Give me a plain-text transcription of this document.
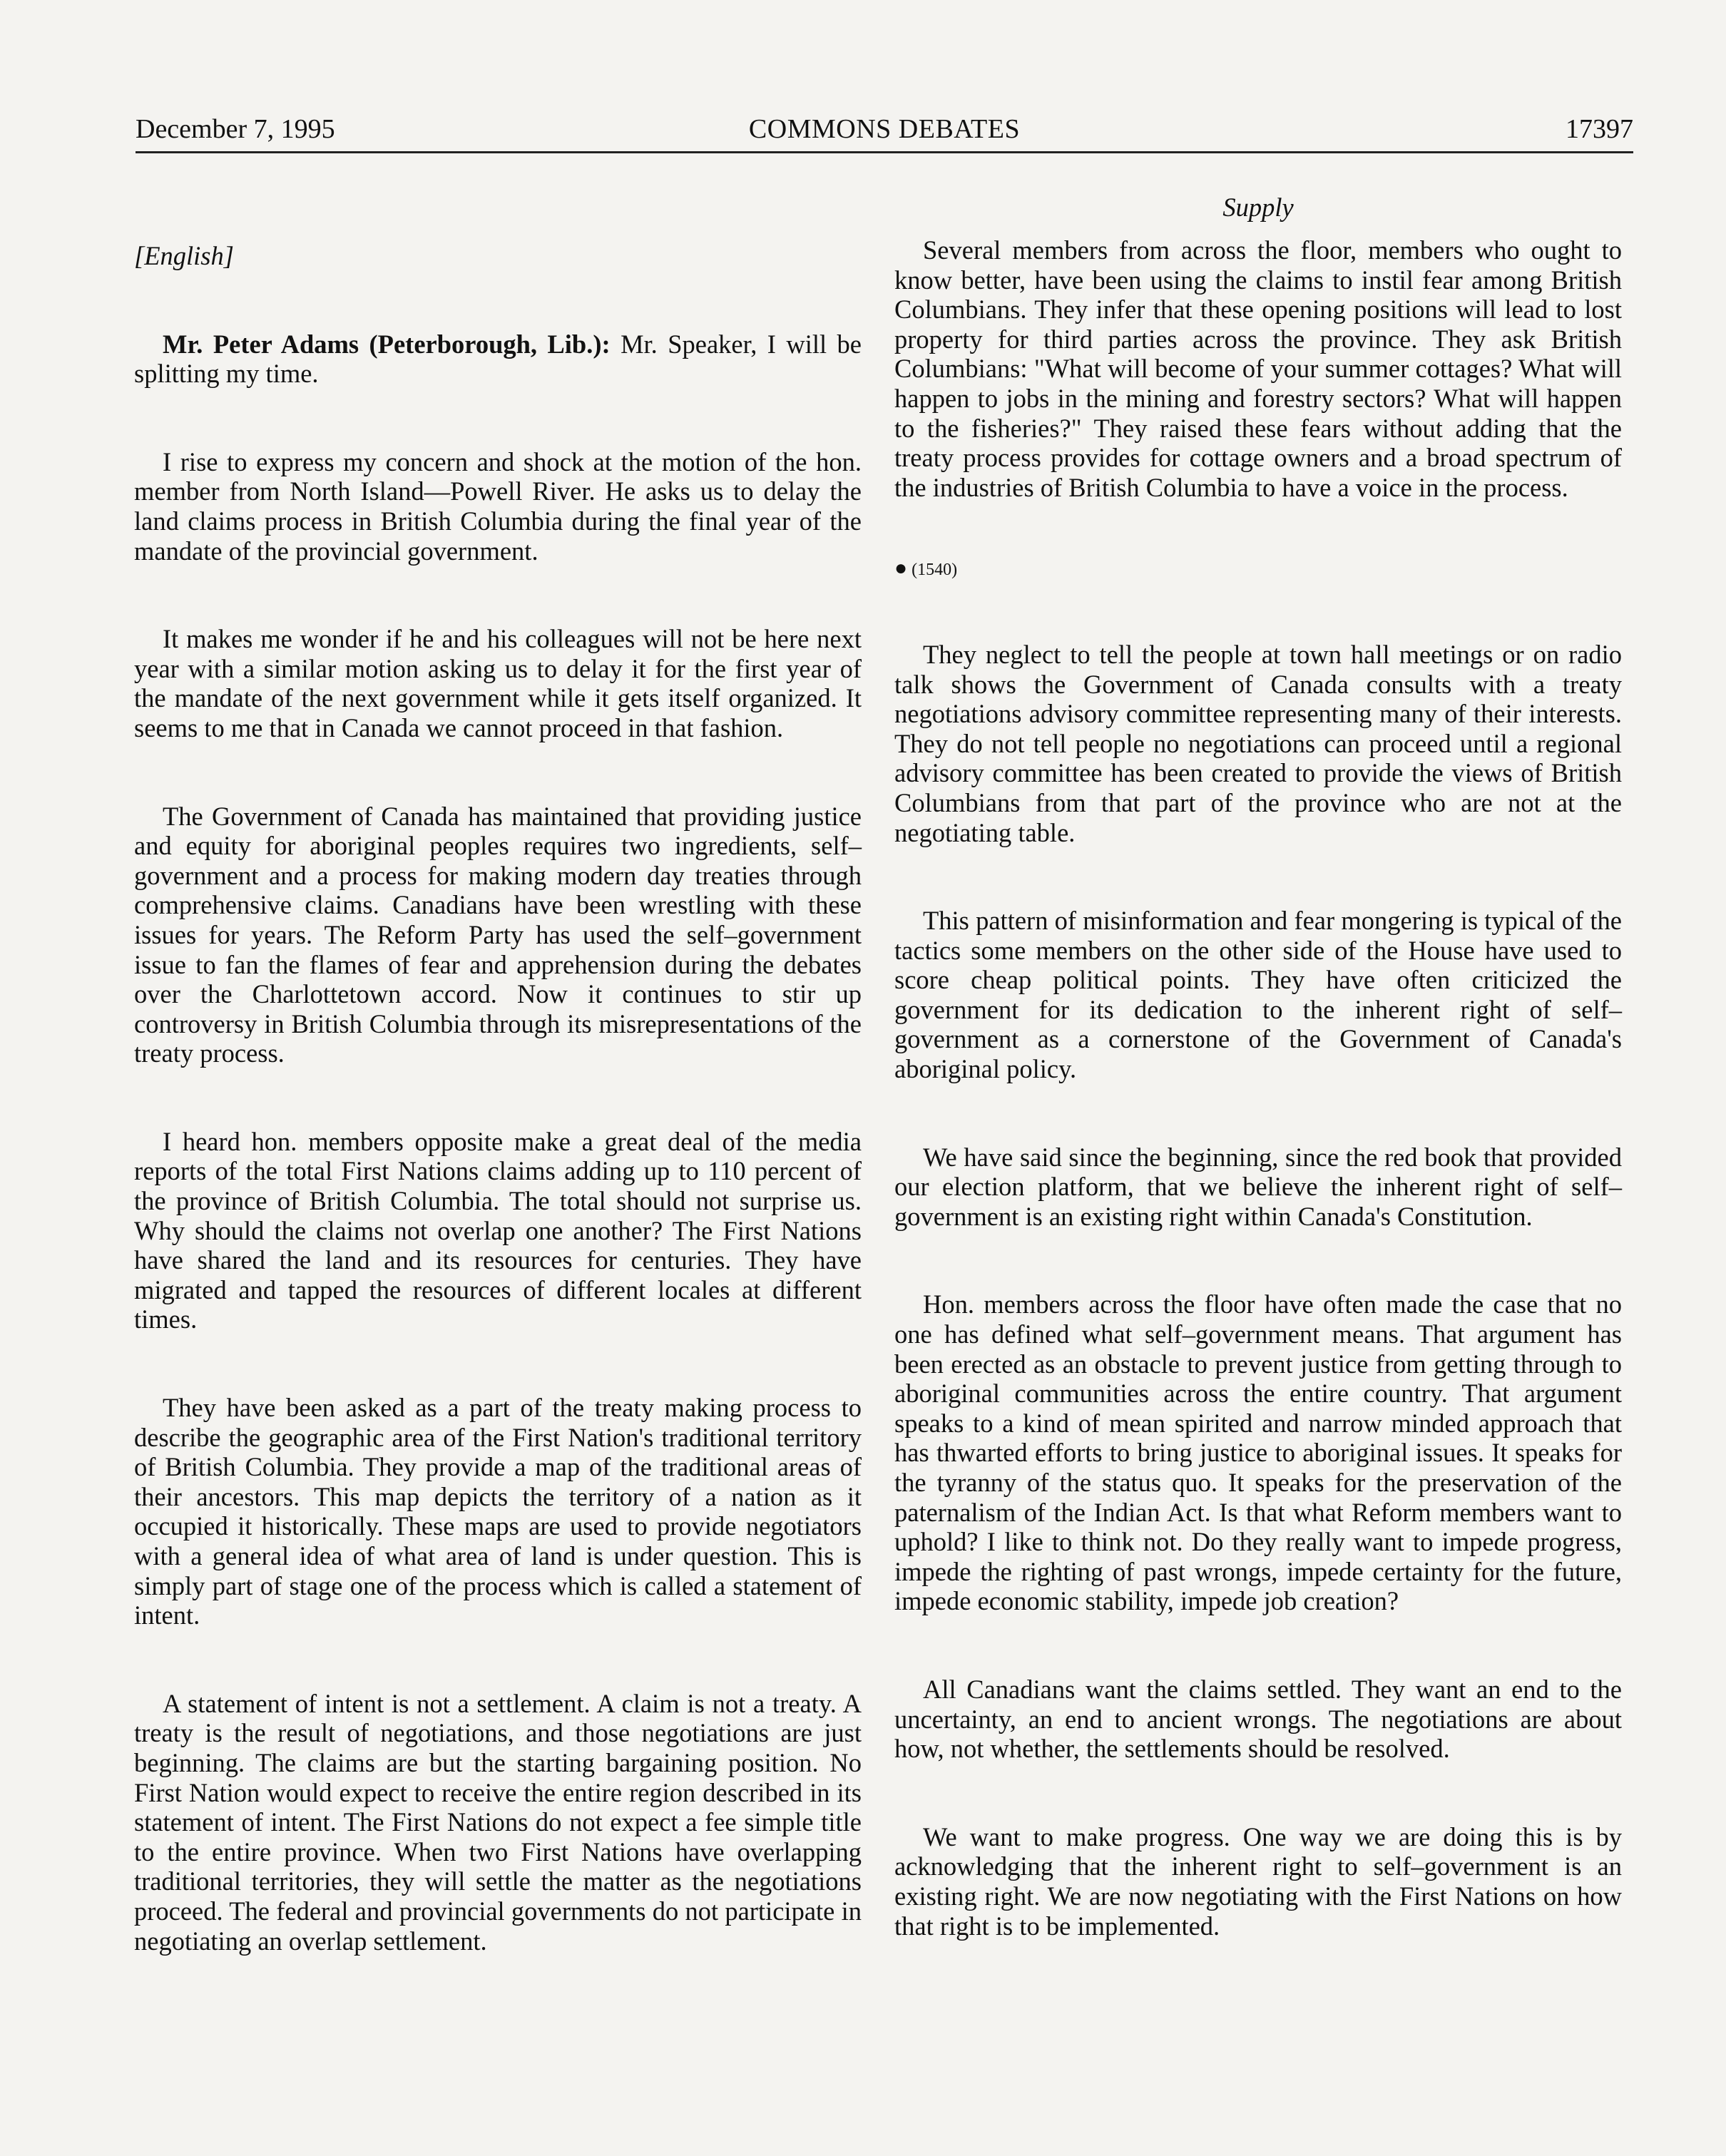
December 7, 1995	COMMONS DEBATES	17397
[English]

Mr. Peter Adams (Peterborough, Lib.): Mr. Speaker, I will be splitting my time.

I rise to express my concern and shock at the motion of the hon. member from North Island—Powell River. He asks us to delay the land claims process in British Columbia during the final year of the mandate of the provincial government.

It makes me wonder if he and his colleagues will not be here next year with a similar motion asking us to delay it for the first year of the mandate of the next government while it gets itself organized. It seems to me that in Canada we cannot proceed in that fashion.

The Government of Canada has maintained that providing justice and equity for aboriginal peoples requires two ingredients, self–government and a process for making modern day treaties through comprehensive claims. Canadians have been wrestling with these issues for years. The Reform Party has used the self–government issue to fan the flames of fear and apprehension during the debates over the Charlottetown accord. Now it continues to stir up controversy in British Columbia through its misrepresentations of the treaty process.

I heard hon. members opposite make a great deal of the media reports of the total First Nations claims adding up to 110 percent of the province of British Columbia. The total should not surprise us. Why should the claims not overlap one another? The First Nations have shared the land and its resources for centuries. They have migrated and tapped the resources of different locales at different times.

They have been asked as a part of the treaty making process to describe the geographic area of the First Nation's traditional territory of British Columbia. They provide a map of the traditional areas of their ancestors. This map depicts the territory of a nation as it occupied it historically. These maps are used to provide negotiators with a general idea of what area of land is under question. This is simply part of stage one of the process which is called a statement of intent.

A statement of intent is not a settlement. A claim is not a treaty. A treaty is the result of negotiations, and those negotiations are just beginning. The claims are but the starting bargaining position. No First Nation would expect to receive the entire region described in its statement of intent. The First Nations do not expect a fee simple title to the entire province. When two First Nations have overlapping traditional territories, they will settle the matter as the negotiations proceed. The federal and provincial governments do not participate in negotiating an overlap settlement.

Supply

Several members from across the floor, members who ought to know better, have been using the claims to instil fear among British Columbians. They infer that these opening positions will lead to lost property for third parties across the province. They ask British Columbians: "What will become of your summer cottages? What will happen to jobs in the mining and forestry sectors? What will happen to the fisheries?" They raised these fears without adding that the treaty process provides for cottage owners and a broad spectrum of the industries of British Columbia to have a voice in the process.

● (1540)

They neglect to tell the people at town hall meetings or on radio talk shows the Government of Canada consults with a treaty negotiations advisory committee representing many of their interests. They do not tell people no negotiations can proceed until a regional advisory committee has been created to provide the views of British Columbians from that part of the province who are not at the negotiating table.

This pattern of misinformation and fear mongering is typical of the tactics some members on the other side of the House have used to score cheap political points. They have often criticized the government for its dedication to the inherent right of self–government as a cornerstone of the Government of Canada's aboriginal policy.

We have said since the beginning, since the red book that provided our election platform, that we believe the inherent right of self–government is an existing right within Canada's Constitution.

Hon. members across the floor have often made the case that no one has defined what self–government means. That argument has been erected as an obstacle to prevent justice from getting through to aboriginal communities across the entire country. That argument speaks to a kind of mean spirited and narrow minded approach that has thwarted efforts to bring justice to aboriginal issues. It speaks for the tyranny of the status quo. It speaks for the preservation of the paternalism of the Indian Act. Is that what Reform members want to uphold? I like to think not. Do they really want to impede progress, impede the righting of past wrongs, impede certainty for the future, impede economic stability, impede job creation?

All Canadians want the claims settled. They want an end to the uncertainty, an end to ancient wrongs. The negotiations are about how, not whether, the settlements should be resolved.

We want to make progress. One way we are doing this is by acknowledging that the inherent right to self–government is an existing right. We are now negotiating with the First Nations on how that right is to be implemented.
